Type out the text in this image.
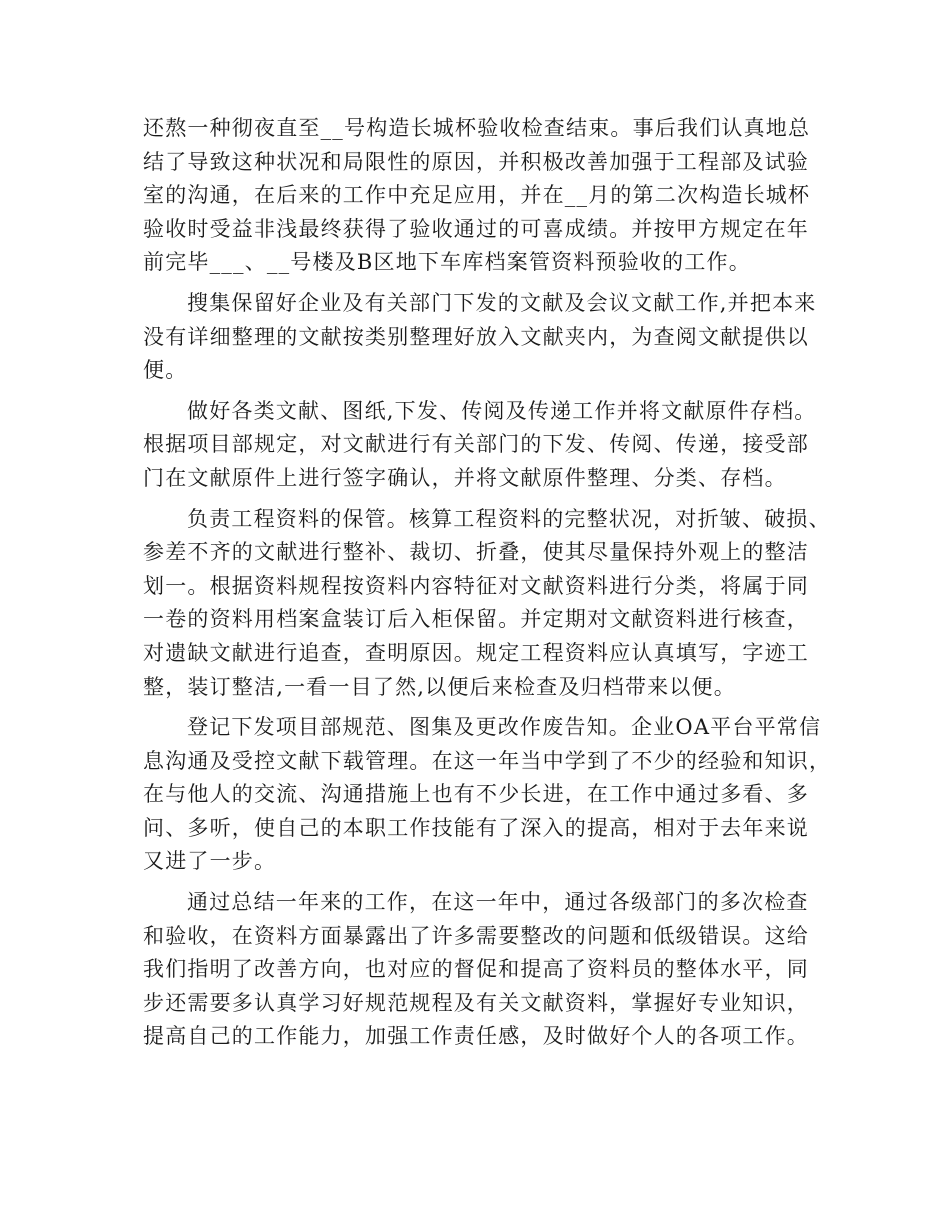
还熬一种彻夜直至__号构造长城杯验收检查结束。事后我们认真地总
结了导致这种状况和局限性的原因，并积极改善加强于工程部及试验
室的沟通，在后来的工作中充足应用，并在__月的第二次构造长城杯
验收时受益非浅最终获得了验收通过的可喜成绩。并按甲方规定在年
前完毕___、__号楼及B区地下车库档案管资料预验收的工作。
搜集保留好企业及有关部门下发的文献及会议文献工作,并把本来
没有详细整理的文献按类别整理好放入文献夹内，为查阅文献提供以
便。
做好各类文献、图纸,下发、传阅及传递工作并将文献原件存档。
根据项目部规定，对文献进行有关部门的下发、传阅、传递，接受部
门在文献原件上进行签字确认，并将文献原件整理、分类、存档。
负责工程资料的保管。核算工程资料的完整状况，对折皱、破损、
参差不齐的文献进行整补、裁切、折叠，使其尽量保持外观上的整洁
划一。根据资料规程按资料内容特征对文献资料进行分类，将属于同
一卷的资料用档案盒装订后入柜保留。并定期对文献资料进行核查，
对遗缺文献进行追查，查明原因。规定工程资料应认真填写，字迹工
整，装订整洁,一看一目了然,以便后来检查及归档带来以便。
登记下发项目部规范、图集及更改作废告知。企业OA平台平常信
息沟通及受控文献下载管理。在这一年当中学到了不少的经验和知识，
在与他人的交流、沟通措施上也有不少长进，在工作中通过多看、多
问、多听，使自己的本职工作技能有了深入的提高，相对于去年来说
又进了一步。
通过总结一年来的工作，在这一年中，通过各级部门的多次检查
和验收，在资料方面暴露出了许多需要整改的问题和低级错误。这给
我们指明了改善方向，也对应的督促和提高了资料员的整体水平，同
步还需要多认真学习好规范规程及有关文献资料，掌握好专业知识，
提高自己的工作能力，加强工作责任感，及时做好个人的各项工作。
